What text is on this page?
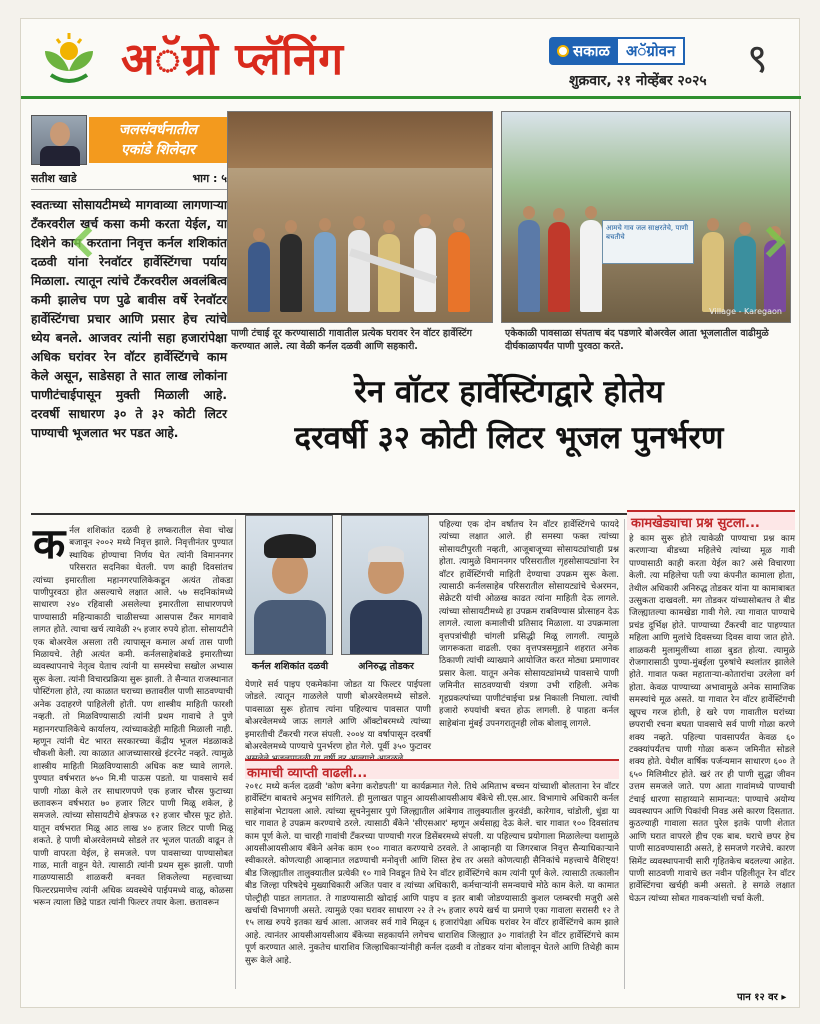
अॅग्रो प्लॅनिंग	सकाळ	अॅग्रोवन
शुक्रवार, २१ नोव्हेंबर २०२५ ९
जलसंवर्धनातील
एकांडे शिलेदार
सतीश खाडे	भाग : ५
स्वतःच्या सोसायटीमध्ये मागवाव्या लागणाऱ्या टँकरवरील खर्च कसा कमी करता येईल, या दिशेने काम करताना निवृत्त कर्नल शशिकांत दळवी यांना रेनवॉटर हार्वेस्टिंगचा पर्याय मिळाला. त्यातून त्यांचे टँकरवरील अवलंबित्व कमी झालेच पण पुढे बावीस वर्षे रेनवॉटर हार्वेस्टिंगचा प्रचार आणि प्रसार हेच त्यांचे ध्येय बनले. आजवर त्यांनी सहा हजारांपेक्षा अधिक घरांवर रेन वॉटर हार्वेस्टिंगचे काम केले असून, साडेसहा ते सात लाख लोकांना पाणीटंचाईपासून मुक्ती मिळाली आहे. दरवर्षी साधारण ३० ते ३२ कोटी लिटर पाण्याची भूजलात भर पडत आहे.
आमचे गाव जल साक्षरतेचे, पाणी बचतीचे
Village - Karegaon
पाणी टंचाई दूर करण्यासाठी गावातील प्रत्येक घरावर रेन वॉटर हार्वेस्टिंग करण्यात आले. त्या वेळी कर्नल दळवी आणि सहकारी.
एकेकाळी पावसाळा संपताच बंद पडणारे बोअरवेल आता भूजलातील वाढीमुळे दीर्घकाळापर्यंत पाणी पुरवठा करते.
रेन वॉटर हार्वेस्टिंगद्वारे होतेय
दरवर्षी ३२ कोटी लिटर भूजल पुनर्भरण
कर्नल शशिकांत दळवी हे लष्करातील सेवा चोख बजावून २००२ मध्ये निवृत्त झाले. निवृत्तीनंतर पुण्यात स्थायिक होण्याचा निर्णय घेत त्यांनी विमाननगर परिसरात सदनिका घेतली. पण काही दिवसांतच त्यांच्या इमारतीला महानगरपालिकेकडून अत्यंत तोकडा पाणीपुरवठा होत असल्याचे लक्षात आले. ५७ सदनिकांमध्ये साधारण २४० रहिवासी असलेल्या इमारतीला साधारणपणे पाण्यासाठी महिन्याकाठी चाळीसच्या आसपास टँकर मागवावे लागत होते. त्याचा खर्च त्यावेळी २५ हजार रुपये होता. सोसायटीने एक बोअरवेल असला तरी त्यापासून कमाल अर्धा तास पाणी मिळायचे. तेही अत्यंत कमी. कर्नलसाहेबांकडे इमारतीच्या व्यवस्थापनाचे नेतृत्व येताच त्यांनी या समस्येचा सखोल अभ्यास सुरू केला. त्यांनी विचारप्रक्रिया सुरू झाली. ते सैन्यात राजस्थानात पोस्टिंगला होते, त्या काळात घराच्या छतावरील पाणी साठवण्याची अनेक उदाहरणे पाहिलेली होती. पण शास्त्रीय माहिती फारशी नव्हती. तो मिळविण्यासाठी त्यांनी प्रथम गावाचे ते पुणे महानगरपालिकेचे कार्यालय, त्यांच्याकडेही माहिती मिळाली नाही. म्हणून त्यांनी थेट भारत सरकारच्या केंद्रीय भूजल मंडळाकडे चौकशी केली. त्या काळात आजच्यासारखे इंटरनेट नव्हते. त्यामुळे शास्त्रीय माहिती मिळविण्यासाठी अधिक कष्ट घ्यावे लागले. पुण्यात वर्षभरात ७५० मि.मी पाऊस पडतो. या पावसाचे सर्व पाणी गोळा केले तर साधारणपणे एक हजार चौरस फुटाच्या छतावरून वर्षभरात ७० हजार लिटर पाणी मिळू शकेल, हे समजले. त्यांच्या सोसायटीचे क्षेत्रफळ १२ हजार चौरस फूट होते. यातून वर्षभरात मिळू आठ लाख ४० हजार लिटर पाणी मिळू शकते. हे पाणी बोअरवेलमध्ये सोडले तर भूजल पातळी वाढून ते पाणी वापरता येईल, हे समजले. पण पावसाच्या पाण्यासोबत गाळ, माती वाहून येते. त्यासाठी त्यांनी प्रथम सुरू झाली. पाणी गाळण्यासाठी शाळकरी बनवत शिकलेल्या महत्त्वाच्या फिल्टरप्रमाणेच त्यांनी अधिक व्यवस्थेचे पाईपमध्ये वाळू, कोळसा भरून त्याला छिद्रे पाडत त्यांनी फिल्टर तयार केला. छतावरून
कर्नल शशिकांत दळवी	अनिरुद्ध तोडकर
येणारे सर्व पाइप एकमेकांना जोडत या फिल्टर पाईपला जोडले. त्यातून गाळलेले पाणी बोअरवेलमध्ये सोडले. पावसाळा सुरू होताच त्यांना पहिल्याच पावसात पाणी बोअरवेलमध्ये जाऊ लागले आणि ऑक्टोबरमध्ये त्यांच्या इमारतीची टँकरची गरज संपली. २००४ या वर्षापासून दरवर्षी बोअरवेलमध्ये पाण्याचे पुनर्भरण होत गेले. पूर्वी ३५० फुटावर
पहिल्या एक दोन वर्षांतच रेन वॉटर हार्वेस्टिंगचे फायदे त्यांच्या लक्षात आले. ही समस्या फक्त त्यांच्या सोसायटीपुरती नव्हती, आजूबाजूच्या सोसायट्यांचाही प्रश्न होता. त्यामुळे विमाननगर परिसरातील गृहसोसायट्यांना रेन वॉटर हार्वेस्टिंगची माहिती देण्याचा उपक्रम सुरू केला. त्यासाठी कर्नलसाहेब परिसरातील सोसायट्यांचे चेअरमन, सेक्रेटरी यांची ओळख काढत त्यांना माहिती देऊ लागले. त्यांच्या सोसायटीमध्ये हा उपक्रम राबविण्यास प्रोत्साहन देऊ लागले. त्याला कमालीची प्रतिसाद मिळाला. या उपक्रमाला वृत्तपत्रांचीही चांगली प्रसिद्धी मिळू लागली. त्यामुळे जागरूकता वाढली. एका वृत्तपत्रसमूहाने शहरात अनेक ठिकाणी त्यांची व्याख्याने आयोजित करत मोठ्या प्रमाणावर प्रसार केला. यातून अनेक सोसायट्यांमध्ये पावसाचे पाणी जमिनीत साठवण्याची यंत्रणा उभी राहिली. अनेक गृहप्रकल्पांच्या पाणीटंचाईचा प्रश्न निकाली निघाला. त्यांची हजारो रुपयांची बचत होऊ लागली. हे पाहता कर्नल साहेबांना मुंबई उपनगरातूनही लोक बोलावू लागले.
कामखेड्याचा प्रश्न सुटला...
हे काम सुरू होते त्याकेळी पाण्याचा प्रश्न काम करणाऱ्या बीडच्या महिलेचे त्यांच्या मूळ गावी पाण्यासाठी काही करता येईल का? असे विचारणा केली. त्या महिलेचा पती ज्या कंपनीत कामाला होता, तेथील अधिकारी अनिरुद्ध तोडकर यांना या कामाबाबत उत्सुकता दाखवली. मग तोडकर यांच्यासोबतच ते बीड जिल्ह्यातल्या कामखेडा गावी गेले. त्या गावात पाण्याचे प्रचंड दुर्भिक्ष होते. पाण्याच्या टँकरची वाट पाहण्यात महिला आणि मुलांचे दिवसच्या दिवस वाया जात होते. शाळकरी मुलामुलींच्या शाळा बुडत होत्या. त्यामुळे रोजगारासाठी पुण्या-मुंबईला पुरुषांचे स्थलांतर झालेले होते. गावात फक्त महाताऱ्या-कोतारांचा उरलेला वर्ग होता. केवळ पाण्याच्या अभावामुळे अनेक सामाजिक समस्यांचे मूळ असते. या गावात रेन वॉटर हार्वेस्टिंगची खूपच गरज होती, हे खरे पण गावातील घरांच्या छपराची रचना बघता पावसाचे सर्व पाणी गोळा करणे शक्य नव्हते. पहिल्या पावसापर्यंत केवळ ६० टक्क्यांपर्यंतच पाणी गोळा करून जमिनीत सोडले शक्य होते. येथील वार्षिक पर्जन्यमान साधारण ६०० ते ६५० मिलिमीटर होते. खरं तर ही पाणी सुद्धा जीवन उत्तम समजले जाते. पण आता गावांमध्ये पाण्याची टंचाई धारणा साहाय्याने सामान्यत: पाण्याचे अयोग्य व्यवस्थापन आणि पिकांची निवड असे कारण दिसतात. कुठल्याही गावाला सतत पुरेल इतके पाणी शेतात आणि घरात वापरले हीच एक बाब. घराचे छपर हेच पाणी साठवण्यासाठी असते, हे समजणे गरजेचे. कारण सिमेंट व्यवस्थापनाची सारी गृहितकेच बदलल्या आहेत. पाणी साठवणी गावाचे छत नवीन पहिलीतून रेन वॉटर हार्वेस्टिंगचा खर्चही कमी असतो. हे सगळे लक्षात घेऊन त्यांच्या सोबत गावकऱ्यांशी चर्चा केली.
कामाची व्याप्ती वाढली...
२०१८ मध्ये कर्नल दळवी 'कोण बनेगा करोडपती' या कार्यक्रमात गेले. तिथे अमिताभ बच्चन यांच्याशी बोलताना रेन वॉटर हार्वेस्टिंग बाबतचे अनुभव सांगितले. ही मुलाखत पाहून आयसीआयसीआय बँकेचे सी.एस.आर. विभागाचे अधिकारी कर्नल साहेबांना भेटायला आले. त्यांच्या सूचनेनुसार पुणे जिल्ह्यातील आंबेगाव तालुक्यातील कुरवंडी, कारेगाव, चांडोली, धुंडा या चार गावात हे उपक्रम करण्याचे ठरले. त्यासाठी बँकेने 'सीएसआर' म्हणून अर्थसाह्य देऊ केले. चार गावात १०० दिवसांतच काम पूर्ण केले. या चारही गावांची टँकरच्या पाण्याची गरज डिसेंबरमध्ये संपली. या पहिल्याच प्रयोगाला मिळालेल्या यशामुळे आयसीआयसीआय बँकेने अनेक काम १०० गावात करण्याचे ठरवले. ते आव्हानही या जिगरबाज निवृत्त सैन्याधिकाऱ्याने स्वीकारले. कोणत्याही आव्हानात लढण्याची मनोवृत्ती आणि शिस्त हेच तर असते कोणत्याही सैनिकांचे महत्त्वाचे वैशिष्ट्य! बीड जिल्ह्यातील तालुक्यातील प्रत्येकी १० गावे निवडून तिथे रेन वॉटर हार्वेस्टिंगचे काम त्यांनी पूर्ण केले. त्यासाठी तत्कालीन बीड जिल्हा परिषदेचे मुख्याधिकारी अजित पवार व त्यांच्या अधिकारी, कर्मचाऱ्यांनी समन्वयाचे मोठे काम केले. या कामात पोल्ट्रीही पाडत लागतात. ते गाडण्यासाठी खोदाई आणि पाइप व इतर बाबी जोडण्यासाठी कुशल प्लम्बरची मजुरी असे खर्चाची विभागणी असते. त्यामुळे एका घरावर साधारण २२ ते २५ हजार रुपये खर्च या प्रमाणे एका गावाला सरासरी १२ ते १५ लाख रुपये इतका खर्च आला. आजवर सर्व गावे मिळून ६ हजारांपेक्षा अधिक घरांवर रेन वॉटर हार्वेस्टिंगचे काम झाले आहे. त्यानंतर आयसीआयसीआय बँकेच्या सहकार्याने लगेचच धाराशिव जिल्ह्यात ३० गावांतही रेन वॉटर हार्वेस्टिंगचे काम पूर्ण करण्यात आले. नुकतेच धाराशिव जिल्हाधिकाऱ्यांनीही कर्नल दळवी व तोडकर यांना बोलावून घेतले आणि तिथेही काम सुरू केले आहे.
पान १२ वर ▸
